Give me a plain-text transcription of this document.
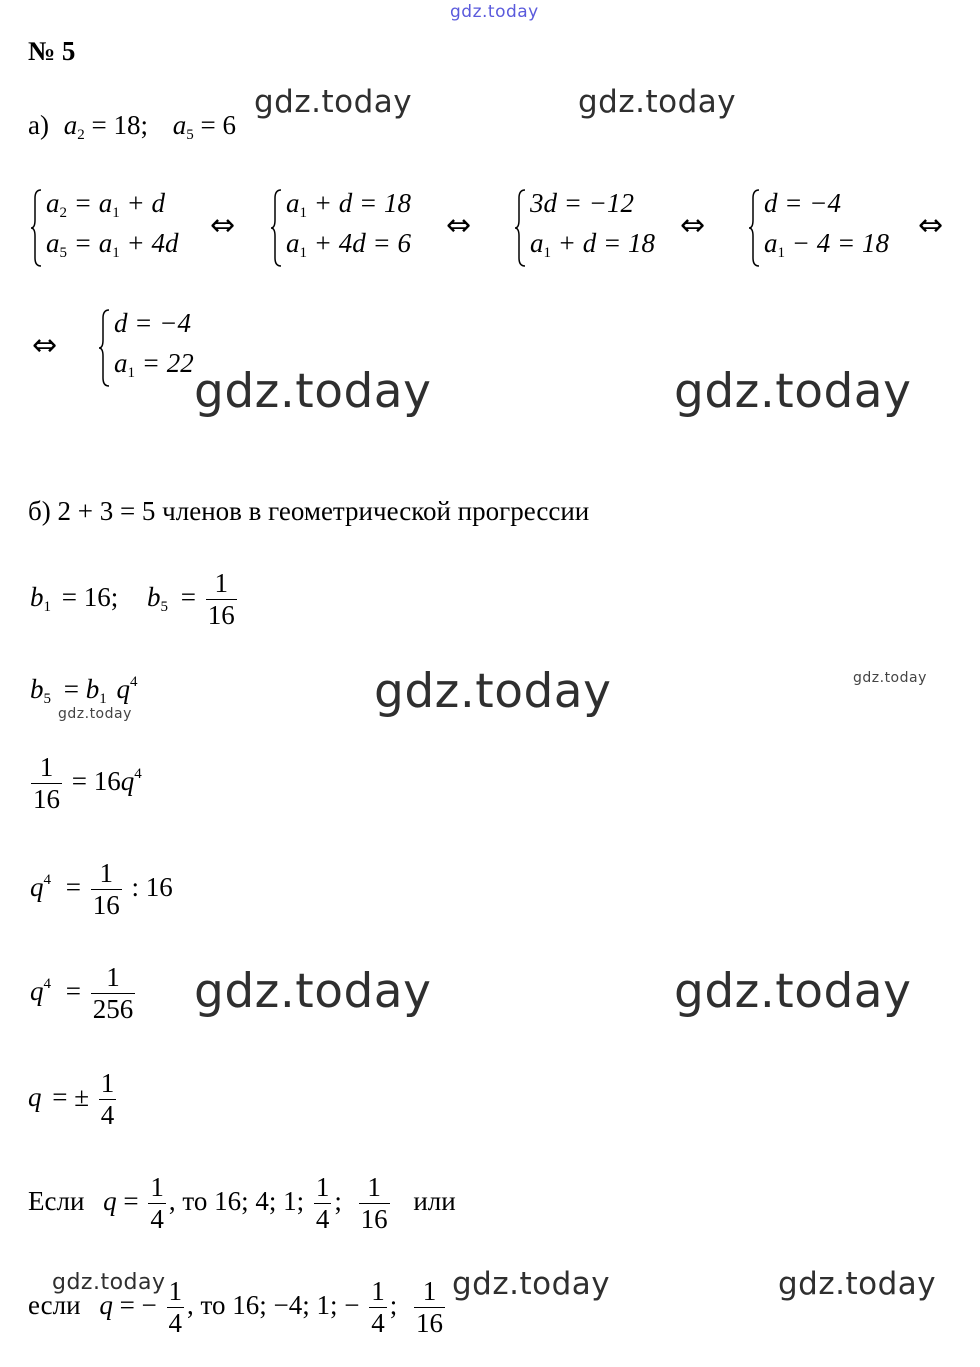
gdz.today
gdz.today	gdz.today
gdz.today	gdz.today
gdz.today	gdz.today
gdz.today
gdz.today	gdz.today
gdz.today	gdz.today	gdz.today
№ 5
а) $a_2 = 18$; $a_5 = 6$
$a_2 = a_1 + d$
$a_5 = a_1 + 4d$ ⇔
$a_1 + d = 18$
$a_1 + 4d = 6$ ⇔
3d = −12
$a_1 + d = 18$ ⇔
d = −4
$a_1 - 4 = 18$ ⇔
⇔
d = −4
$a_1 = 22$
б) 2 + 3 = 5 членов в геометрической прогрессии
$b_1 = 16$; $b_5 = \frac{1}{16}$
$b_5 = b_1$ $q^4$
$\frac{1}{16} = 16q^4$
$q^4 = \frac{1}{16}$ : 16
$q^4 = \frac{1}{256}$
q = ± $\frac{1}{4}$
Если $q = \frac{1}{4}$ , то 16; 4; 1; $\frac{1}{4}$ ; $\frac{1}{16}$ или
если q = − $\frac{1}{4}$ , то 16; −4; 1; − $\frac{1}{4}$ ; $\frac{1}{16}$
